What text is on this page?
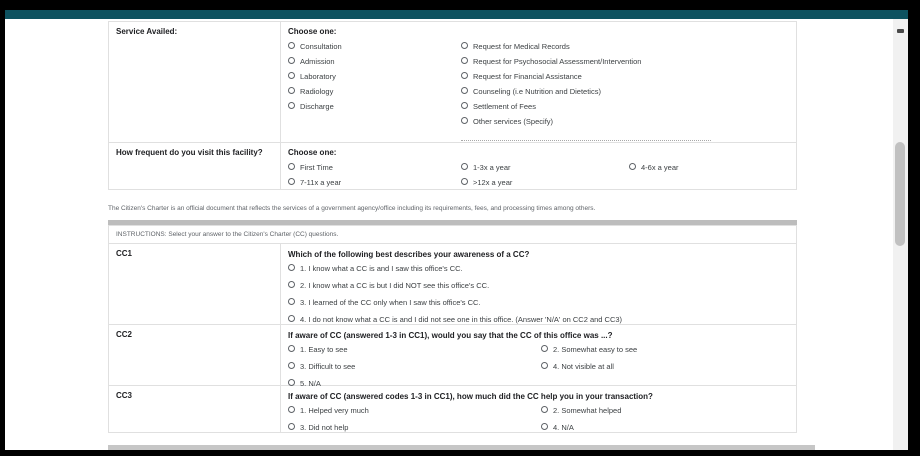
Service Availed:	Choose one:
Consultation
Admission
Laboratory
Radiology
Discharge
Request for Medical Records
Request for Psychosocial Assessment/Intervention
Request for Financial Assistance
Counseling (i.e Nutrition and Dietetics)
Settlement of Fees
Other services (Specify)
How frequent do you visit this facility?	Choose one:
First Time
7-11x a year
1-3x a year
>12x a year
4-6x a year
The Citizen's Charter is an official document that reflects the services of a government agency/office including its requirements, fees, and processing times among others.
INSTRUCTIONS: Select your answer to the Citizen's Charter (CC) questions.
CC1	Which of the following best describes your awareness of a CC?
1. I know what a CC is and I saw this office's CC.
2. I know what a CC is but I did NOT see this office's CC.
3. I learned of the CC only when I saw this office's CC.
4. I do not know what a CC is and I did not see one in this office. (Answer 'N/A' on CC2 and CC3)
CC2	If aware of CC (answered 1-3 in CC1), would you say that the CC of this office was ...?
1. Easy to see
3. Difficult to see
5. N/A
2. Somewhat easy to see
4. Not visible at all
CC3	If aware of CC (answered codes 1-3 in CC1), how much did the CC help you in your transaction?
1. Helped very much
3. Did not help
2. Somewhat helped
4. N/A
